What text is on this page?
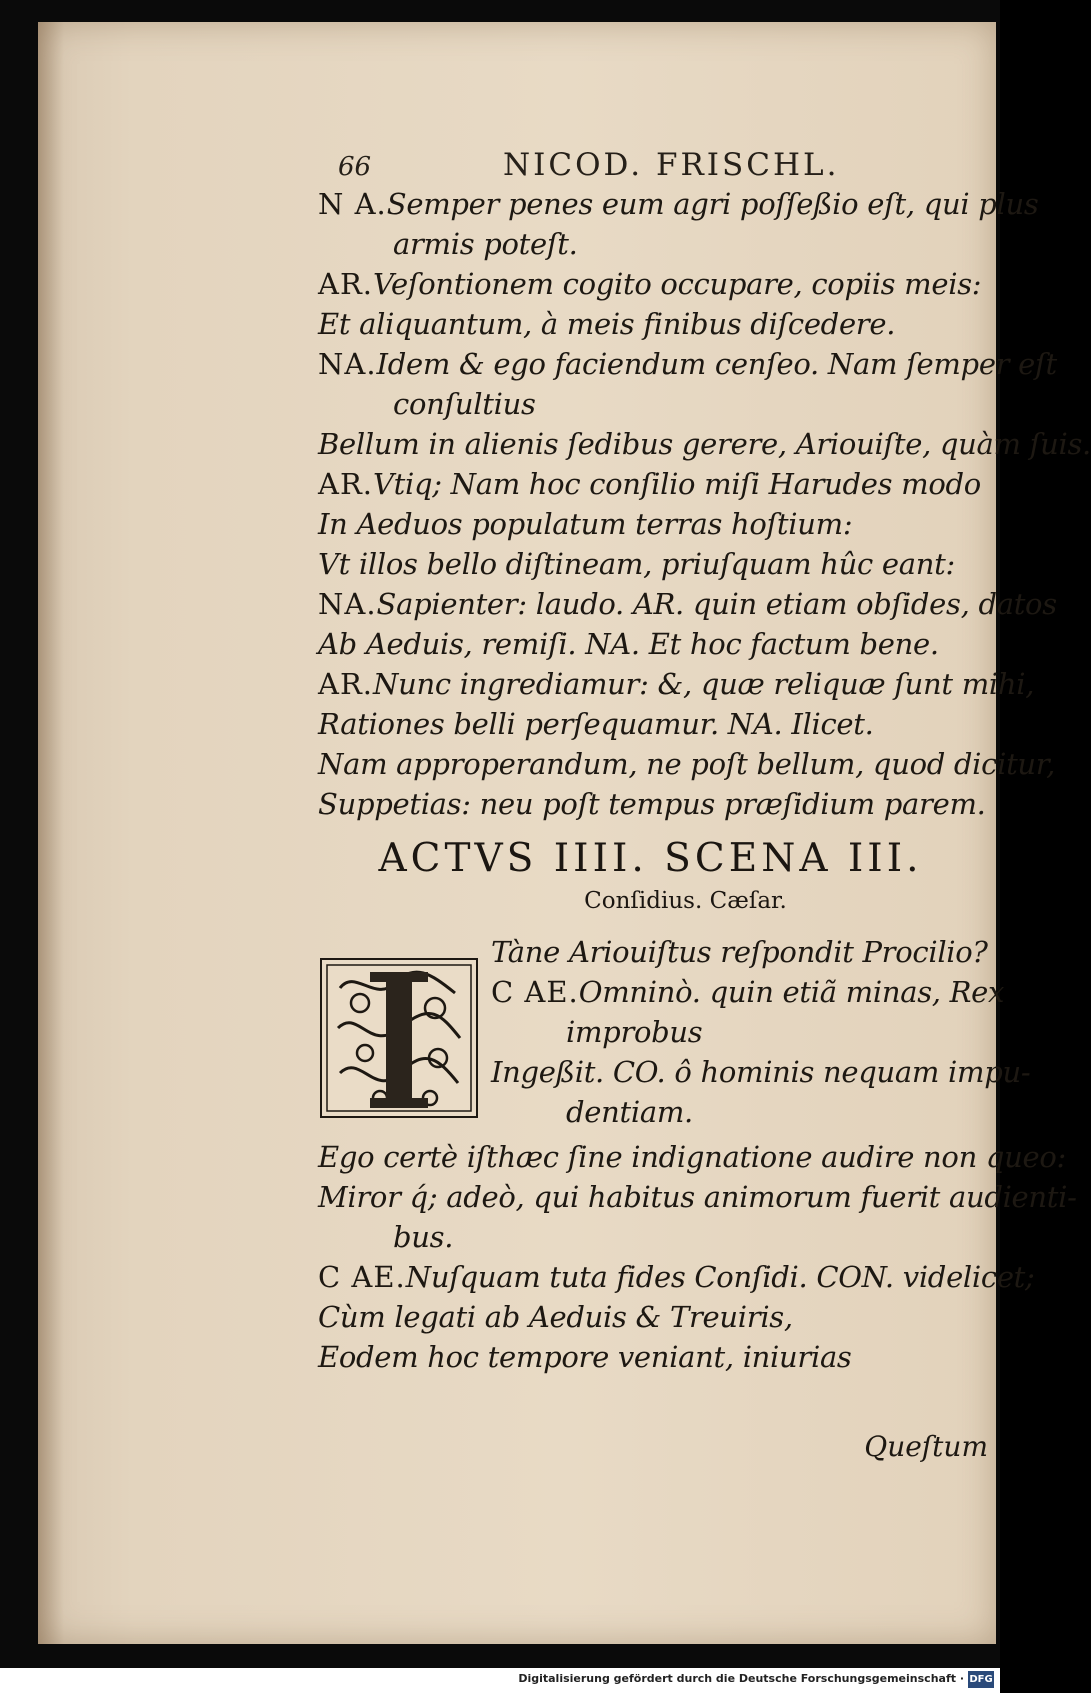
66	NICOD. FRISCHL.
N A.Semper penes eum agri poſſeßio eſt, qui plus
armis poteſt.
AR.Veſontionem cogito occupare, copiis meis:
Et aliquantum, à meis finibus diſcedere.
NA.Idem & ego faciendum cenſeo. Nam ſemper eſt
conſultius
Bellum in alienis ſedibus gerere, Ariouiſte, quàm ſuis.
AR.Vtiq; Nam hoc conſilio miſi Harudes modo
In Aeduos populatum terras hoſtium:
Vt illos bello diſtineam, priuſquam hûc eant:
NA.Sapienter: laudo. AR. quin etiam obſides, datos
Ab Aeduis, remiſi. NA. Et hoc factum bene.
AR.Nunc ingrediamur: &, quæ reliquæ ſunt mihi,
Rationes belli perſequamur. NA. Ilicet.
Nam approperandum, ne poſt bellum, quod dicitur,
Suppetias: neu poſt tempus præſidium parem.
ACTVS IIII. SCENA III.
Conſidius. Cæſar.
Tàne Ariouiſtus reſpondit Procilio?
C AE.Omninò. quin etiã minas, Rex
improbus
Ingeßit. CO. ô hominis nequam impu-
dentiam.
Ego certè iſthæc ſine indignatione audire non queo:
Miror q́; adeò, qui habitus animorum fuerit audienti-
bus.
C AE.Nuſquam tuta fides Conſidi. CON. videlicet;
Cùm legati ab Aeduis & Treuiris,
Eodem hoc tempore veniant, iniurias
Queſtum
Digitalisierung gefördert durch die Deutsche Forschungsgemeinschaft · DFG
